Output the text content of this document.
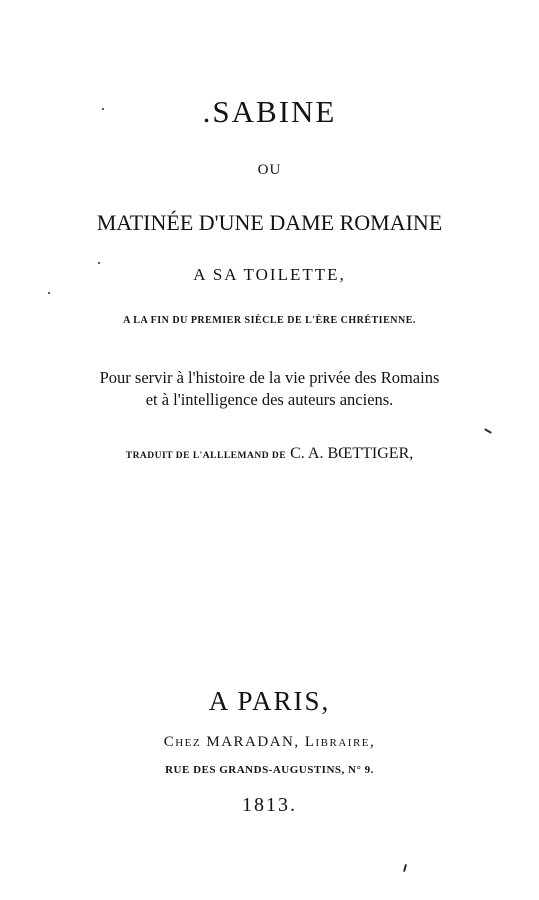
.SABINE
OU
MATINÉE D'UNE DAME ROMAINE
A SA TOILETTE,
A LA FIN DU PREMIER SIÈCLE DE L'ÈRE CHRÉTIENNE.
Pour servir à l'histoire de la vie privée des Romains
et à l'intelligence des auteurs anciens.
TRADUIT DE L'ALLLEMAND DE C. A. BŒTTIGER,
A PARIS,
Chez MARADAN, Libraire,
RUE DES GRANDS-AUGUSTINS, N° 9.
1813.
